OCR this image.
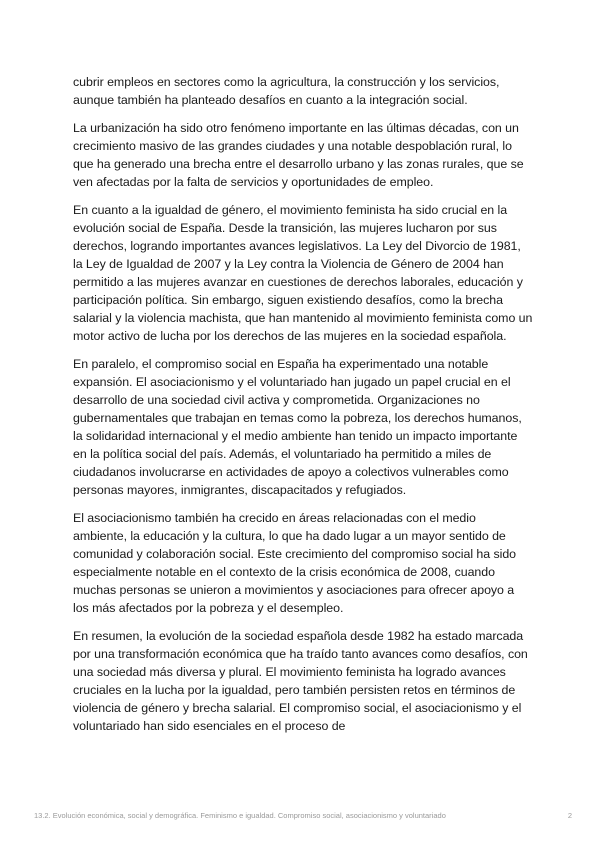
cubrir empleos en sectores como la agricultura, la construcción y los servicios, aunque también ha planteado desafíos en cuanto a la integración social.

La urbanización ha sido otro fenómeno importante en las últimas décadas, con un crecimiento masivo de las grandes ciudades y una notable despoblación rural, lo que ha generado una brecha entre el desarrollo urbano y las zonas rurales, que se ven afectadas por la falta de servicios y oportunidades de empleo.

En cuanto a la igualdad de género, el movimiento feminista ha sido crucial en la evolución social de España. Desde la transición, las mujeres lucharon por sus derechos, logrando importantes avances legislativos. La Ley del Divorcio de 1981, la Ley de Igualdad de 2007 y la Ley contra la Violencia de Género de 2004 han permitido a las mujeres avanzar en cuestiones de derechos laborales, educación y participación política. Sin embargo, siguen existiendo desafíos, como la brecha salarial y la violencia machista, que han mantenido al movimiento feminista como un motor activo de lucha por los derechos de las mujeres en la sociedad española.

En paralelo, el compromiso social en España ha experimentado una notable expansión. El asociacionismo y el voluntariado han jugado un papel crucial en el desarrollo de una sociedad civil activa y comprometida. Organizaciones no gubernamentales que trabajan en temas como la pobreza, los derechos humanos, la solidaridad internacional y el medio ambiente han tenido un impacto importante en la política social del país. Además, el voluntariado ha permitido a miles de ciudadanos involucrarse en actividades de apoyo a colectivos vulnerables como personas mayores, inmigrantes, discapacitados y refugiados.

El asociacionismo también ha crecido en áreas relacionadas con el medio ambiente, la educación y la cultura, lo que ha dado lugar a un mayor sentido de comunidad y colaboración social. Este crecimiento del compromiso social ha sido especialmente notable en el contexto de la crisis económica de 2008, cuando muchas personas se unieron a movimientos y asociaciones para ofrecer apoyo a los más afectados por la pobreza y el desempleo.

En resumen, la evolución de la sociedad española desde 1982 ha estado marcada por una transformación económica que ha traído tanto avances como desafíos, con una sociedad más diversa y plural. El movimiento feminista ha logrado avances cruciales en la lucha por la igualdad, pero también persisten retos en términos de violencia de género y brecha salarial. El compromiso social, el asociacionismo y el voluntariado han sido esenciales en el proceso de

13.2. Evolución económica, social y demográfica. Feminismo e igualdad. Compromiso social, asociacionismo y voluntariado	2
